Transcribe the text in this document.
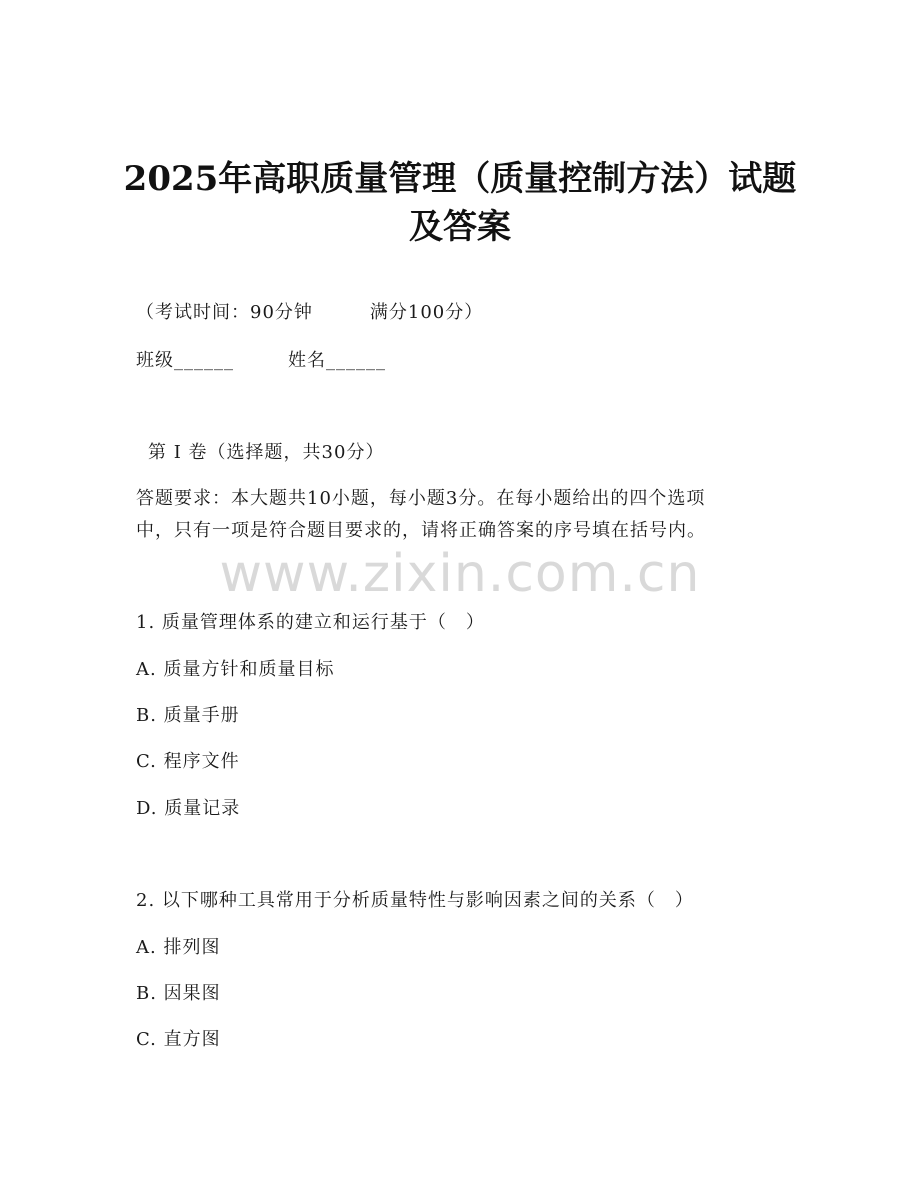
2025年高职质量管理（质量控制方法）试题
及答案
（考试时间：90分钟　　　满分100分）
班级______	姓名______
第 I 卷（选择题，共30分）
答题要求：本大题共10小题，每小题3分。在每小题给出的四个选项
中，只有一项是符合题目要求的，请将正确答案的序号填在括号内。
www.zixin.com.cn
1. 质量管理体系的建立和运行基于（　）
A. 质量方针和质量目标
B. 质量手册
C. 程序文件
D. 质量记录
2. 以下哪种工具常用于分析质量特性与影响因素之间的关系（　）
A. 排列图
B. 因果图
C. 直方图
